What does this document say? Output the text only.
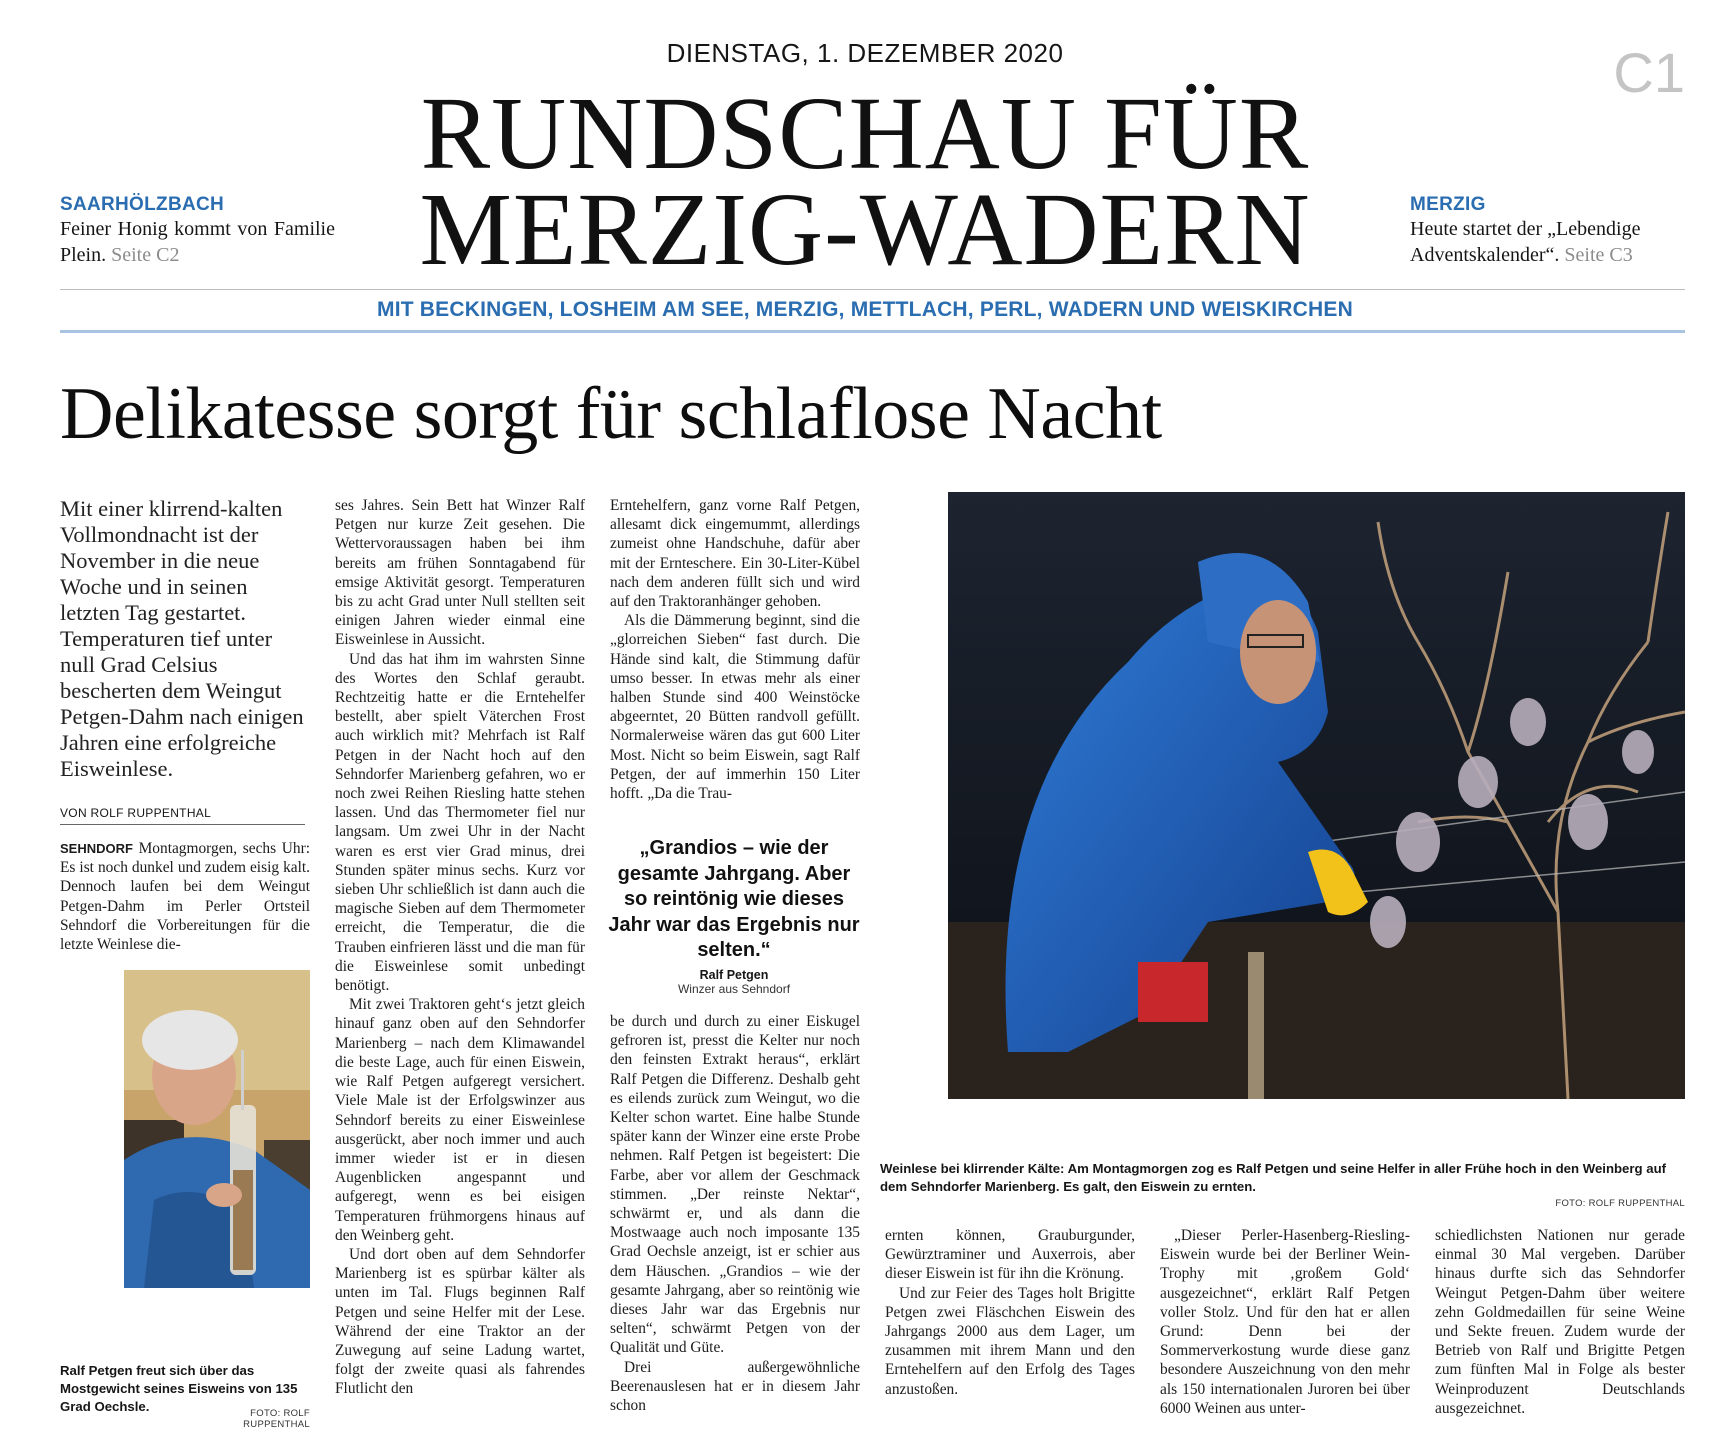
DIENSTAG, 1. DEZEMBER 2020	C1
RUNDSCHAU FÜR
MERZIG-WADERN
SAARHÖLZBACH
Feiner Honig kommt von Familie Plein. Seite C2
MERZIG
Heute startet der „Lebendige Adventskalender“. Seite C3
MIT BECKINGEN, LOSHEIM AM SEE, MERZIG, METTLACH, PERL, WADERN UND WEISKIRCHEN
Delikatesse sorgt für schlaflose Nacht
Mit einer klirrend-kalten Vollmondnacht ist der November in die neue Woche und in seinen letzten Tag gestartet. Temperaturen tief unter null Grad Celsius bescherten dem Weingut Petgen-Dahm nach einigen Jahren eine erfolgreiche Eisweinlese.
VON ROLF RUPPENTHAL

SEHNDORF Montagmorgen, sechs Uhr: Es ist noch dunkel und zudem eisig kalt. Dennoch laufen bei dem Weingut Petgen-Dahm im Perler Ortsteil Sehndorf die Vorbereitungen für die letzte Weinlese die-

Ralf Petgen freut sich über das Mostgewicht seines Eisweins von 135 Grad Oechsle.	FOTO: ROLF RUPPENTHAL

ses Jahres. Sein Bett hat Winzer Ralf Petgen nur kurze Zeit gesehen. Die Wettervoraussagen haben bei ihm bereits am frühen Sonntagabend für emsige Aktivität gesorgt. Temperaturen bis zu acht Grad unter Null stellten seit einigen Jahren wieder einmal eine Eisweinlese in Aussicht.

Und das hat ihm im wahrsten Sinne des Wortes den Schlaf geraubt. Rechtzeitig hatte er die Erntehelfer bestellt, aber spielt Väterchen Frost auch wirklich mit? Mehrfach ist Ralf Petgen in der Nacht hoch auf den Sehndorfer Marienberg gefahren, wo er noch zwei Reihen Riesling hatte stehen lassen. Und das Thermometer fiel nur langsam. Um zwei Uhr in der Nacht waren es erst vier Grad minus, drei Stunden später minus sechs. Kurz vor sieben Uhr schließlich ist dann auch die magische Sieben auf dem Thermometer erreicht, die Temperatur, die die Trauben einfrieren lässt und die man für die Eisweinlese somit unbedingt benötigt.

Mit zwei Traktoren geht‘s jetzt gleich hinauf ganz oben auf den Sehndorfer Marienberg – nach dem Klimawandel die beste Lage, auch für einen Eiswein, wie Ralf Petgen aufgeregt versichert. Viele Male ist der Erfolgswinzer aus Sehndorf bereits zu einer Eisweinlese ausgerückt, aber noch immer und auch immer wieder ist er in diesen Augenblicken angespannt und aufgeregt, wenn es bei eisigen Temperaturen frühmorgens hinaus auf den Weinberg geht.

Und dort oben auf dem Sehndorfer Marienberg ist es spürbar kälter als unten im Tal. Flugs beginnen Ralf Petgen und seine Helfer mit der Lese. Während der eine Traktor an der Zuwegung auf seine Ladung wartet, folgt der zweite quasi als fahrendes Flutlicht den

Erntehelfern, ganz vorne Ralf Petgen, allesamt dick eingemummt, allerdings zumeist ohne Handschuhe, dafür aber mit der Ernteschere. Ein 30-Liter-Kübel nach dem anderen füllt sich und wird auf den Traktoranhänger gehoben.

Als die Dämmerung beginnt, sind die „glorreichen Sieben“ fast durch. Die Hände sind kalt, die Stimmung dafür umso besser. In etwas mehr als einer halben Stunde sind 400 Weinstöcke abgeerntet, 20 Bütten randvoll gefüllt. Normalerweise wären das gut 600 Liter Most. Nicht so beim Eiswein, sagt Ralf Petgen, der auf immerhin 150 Liter hofft. „Da die Trau-

„Grandios – wie der gesamte Jahrgang. Aber so reintönig wie dieses Jahr war das Ergebnis nur selten.“
Ralf Petgen
Winzer aus Sehndorf

be durch und durch zu einer Eiskugel gefroren ist, presst die Kelter nur noch den feinsten Extrakt heraus“, erklärt Ralf Petgen die Differenz. Deshalb geht es eilends zurück zum Weingut, wo die Kelter schon wartet. Eine halbe Stunde später kann der Winzer eine erste Probe nehmen. Ralf Petgen ist begeistert: Die Farbe, aber vor allem der Geschmack stimmen. „Der reinste Nektar“, schwärmt er, und als dann die Mostwaage auch noch imposante 135 Grad Oechsle anzeigt, ist er schier aus dem Häuschen. „Grandios – wie der gesamte Jahrgang, aber so reintönig wie dieses Jahr war das Ergebnis nur selten“, schwärmt Petgen von der Qualität und Güte.

Drei außergewöhnliche Beerenauslesen hat er in diesem Jahr schon

Weinlese bei klirrender Kälte: Am Montagmorgen zog es Ralf Petgen und seine Helfer in aller Frühe hoch in den Weinberg auf dem Sehndorfer Marienberg. Es galt, den Eiswein zu ernten.
FOTO: ROLF RUPPENTHAL

ernten können, Grauburgunder, Gewürztraminer und Auxerrois, aber dieser Eiswein ist für ihn die Krönung.

Und zur Feier des Tages holt Brigitte Petgen zwei Fläschchen Eiswein des Jahrgangs 2000 aus dem Lager, um zusammen mit ihrem Mann und den Erntehelfern auf den Erfolg des Tages anzustoßen.

„Dieser Perler-Hasenberg-Riesling-Eiswein wurde bei der Berliner Wein-Trophy mit ‚großem Gold‘ ausgezeichnet“, erklärt Ralf Petgen voller Stolz. Und für den hat er allen Grund: Denn bei der Sommerverkostung wurde diese ganz besondere Auszeichnung von den mehr als 150 internationalen Juroren bei über 6000 Weinen aus unter-

schiedlichsten Nationen nur gerade einmal 30 Mal vergeben. Darüber hinaus durfte sich das Sehndorfer Weingut Petgen-Dahm über weitere zehn Goldmedaillen für seine Weine und Sekte freuen. Zudem wurde der Betrieb von Ralf und Brigitte Petgen zum fünften Mal in Folge als bester Weinproduzent Deutschlands ausgezeichnet.
